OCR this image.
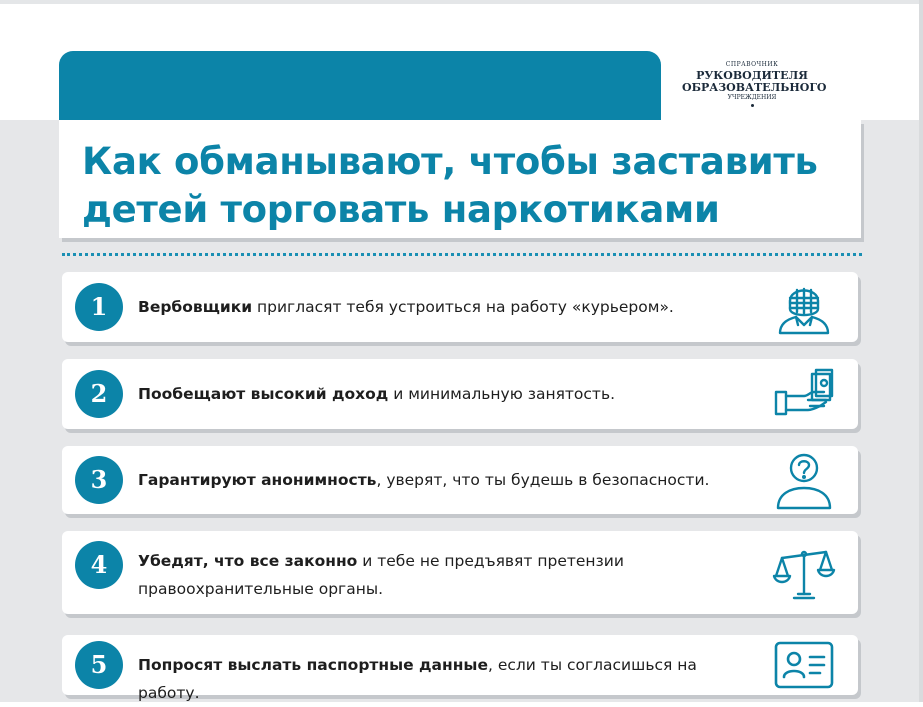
СПРАВОЧНИК
РУКОВОДИТЕЛЯ
ОБРАЗОВАТЕЛЬНОГО
УЧРЕЖДЕНИЯ
Как обманывают, чтобы заставить
детей торговать наркотиками
1	Вербовщики пригласят тебя устроиться на работу «курьером».
2	Пообещают высокий доход и минимальную занятость.
3	Гарантируют анонимность, уверят, что ты будешь в безопасности.
4	Убедят, что все законно и тебе не предъявят претензии правоохранительные органы.
5	Попросят выслать паспортные данные, если ты согласишься на работу.
